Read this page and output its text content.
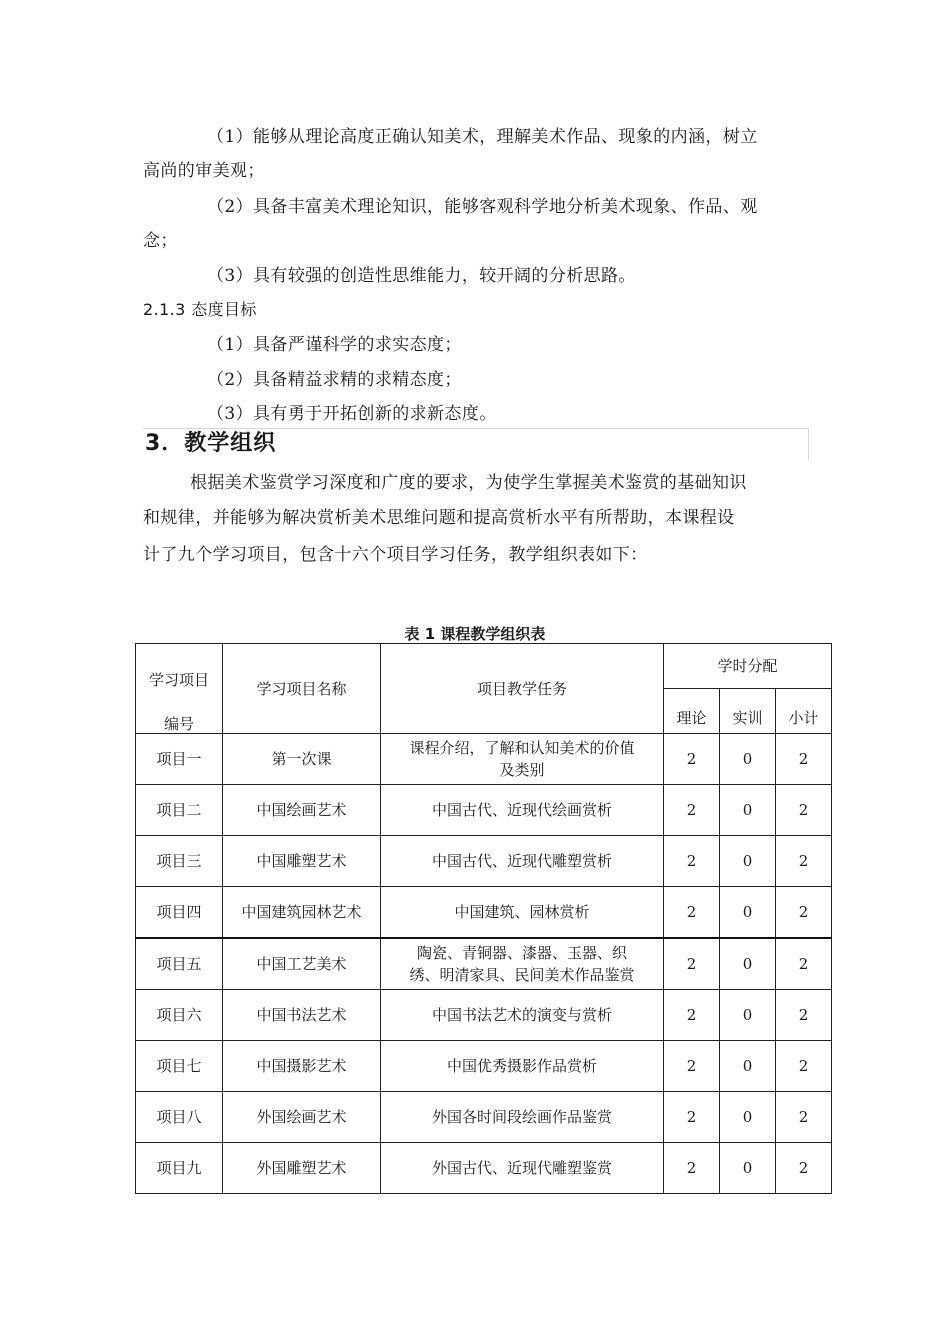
（1）能够从理论高度正确认知美术，理解美术作品、现象的内涵，树立
高尚的审美观；
（2）具备丰富美术理论知识，能够客观科学地分析美术现象、作品、观
念；
（3）具有较强的创造性思维能力，较开阔的分析思路。
2.1.3 态度目标
（1）具备严谨科学的求实态度；
（2）具备精益求精的求精态度；
（3）具有勇于开拓创新的求新态度。
3．教学组织
根据美术鉴赏学习深度和广度的要求，为使学生掌握美术鉴赏的基础知识
和规律，并能够为解决赏析美术思维问题和提高赏析水平有所帮助，本课程设
计了九个学习项目，包含十六个项目学习任务，教学组织表如下：
表 1 课程教学组织表
学习项目
编号	学习项目名称	项目教学任务	学时分配		
			理论	实训	小计
项目一	第一次课	课程介绍，了解和认知美术的价值
及类别	2	0	2
项目二	中国绘画艺术	中国古代、近现代绘画赏析	2	0	2
项目三	中国雕塑艺术	中国古代、近现代雕塑赏析	2	0	2
项目四	中国建筑园林艺术	中国建筑、园林赏析	2	0	2
项目五	中国工艺美术	陶瓷、青铜器、漆器、玉器、织
绣、明清家具、民间美术作品鉴赏	2	0	2
项目六	中国书法艺术	中国书法艺术的演变与赏析	2	0	2
项目七	中国摄影艺术	中国优秀摄影作品赏析	2	0	2
项目八	外国绘画艺术	外国各时间段绘画作品鉴赏	2	0	2
项目九	外国雕塑艺术	外国古代、近现代雕塑鉴赏	2	0	2
